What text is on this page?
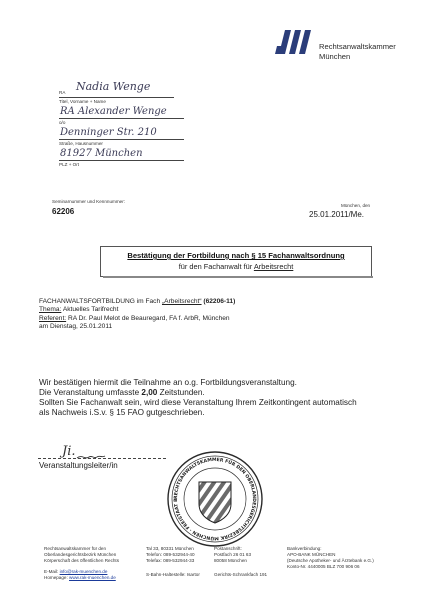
Rechtsanwaltskammer
München
RA Nadia Wenge
Titel, Vorname + Name
RA Alexander Wenge
o/o
Denninger Str. 210
Straße, Hausnummer
81927 München
PLZ + Ort
Seminarnummer und Kennnummer:
62206
München, den
25.01.2011/Me.
Bestätigung der Fortbildung nach § 15 Fachanwaltsordnung
für den Fachanwalt für Arbeitsrecht
FACHANWALTSFORTBILDUNG im Fach „Arbeitsrecht“ (62206-11)
Thema: Aktuelles Tarifrecht
Referent: RA Dr. Paul Melot de Beauregard, FA f. ArbR, München
am Dienstag, 25.01.2011
Wir bestätigen hiermit die Teilnahme an o.g. Fortbildungsveranstaltung.
Die Veranstaltung umfasste 2,00 Zeitstunden.
Sollten Sie Fachanwalt sein, wird diese Veranstaltung Ihrem Zeitkontingent automatisch
als Nachweis i.S.v. § 15 FAO gutgeschrieben.
Ji.
Veranstaltungsleiter/in
RECHTSANWALTSKAMMER FÜR DEN OBERLANDESGERICHTSBEZIRK MÜNCHEN · FREISTAAT B
Rechtsanwaltskammer für den
Oberlandesgerichtsbezirk München
Körperschaft des öffentlichen Rechts
E-Mail: info@rak-muenchen.de
Homepage: www.rak-muenchen.de
Tal 33, 80331 München
Telefon: 089-532944-40
Telefax: 089-532944-33
S-Bahn-Haltestelle: Isartor
Postanschrift:
Postfach 26 01 63
80058 München
Gerichts-Schrankfach 191
Bankverbindung:
APO-BANK MÜNCHEN
(Deutsche Apotheker- und Ärztebank e.G.)
Konto-Nr. 4440005 BLZ 700 906 06
